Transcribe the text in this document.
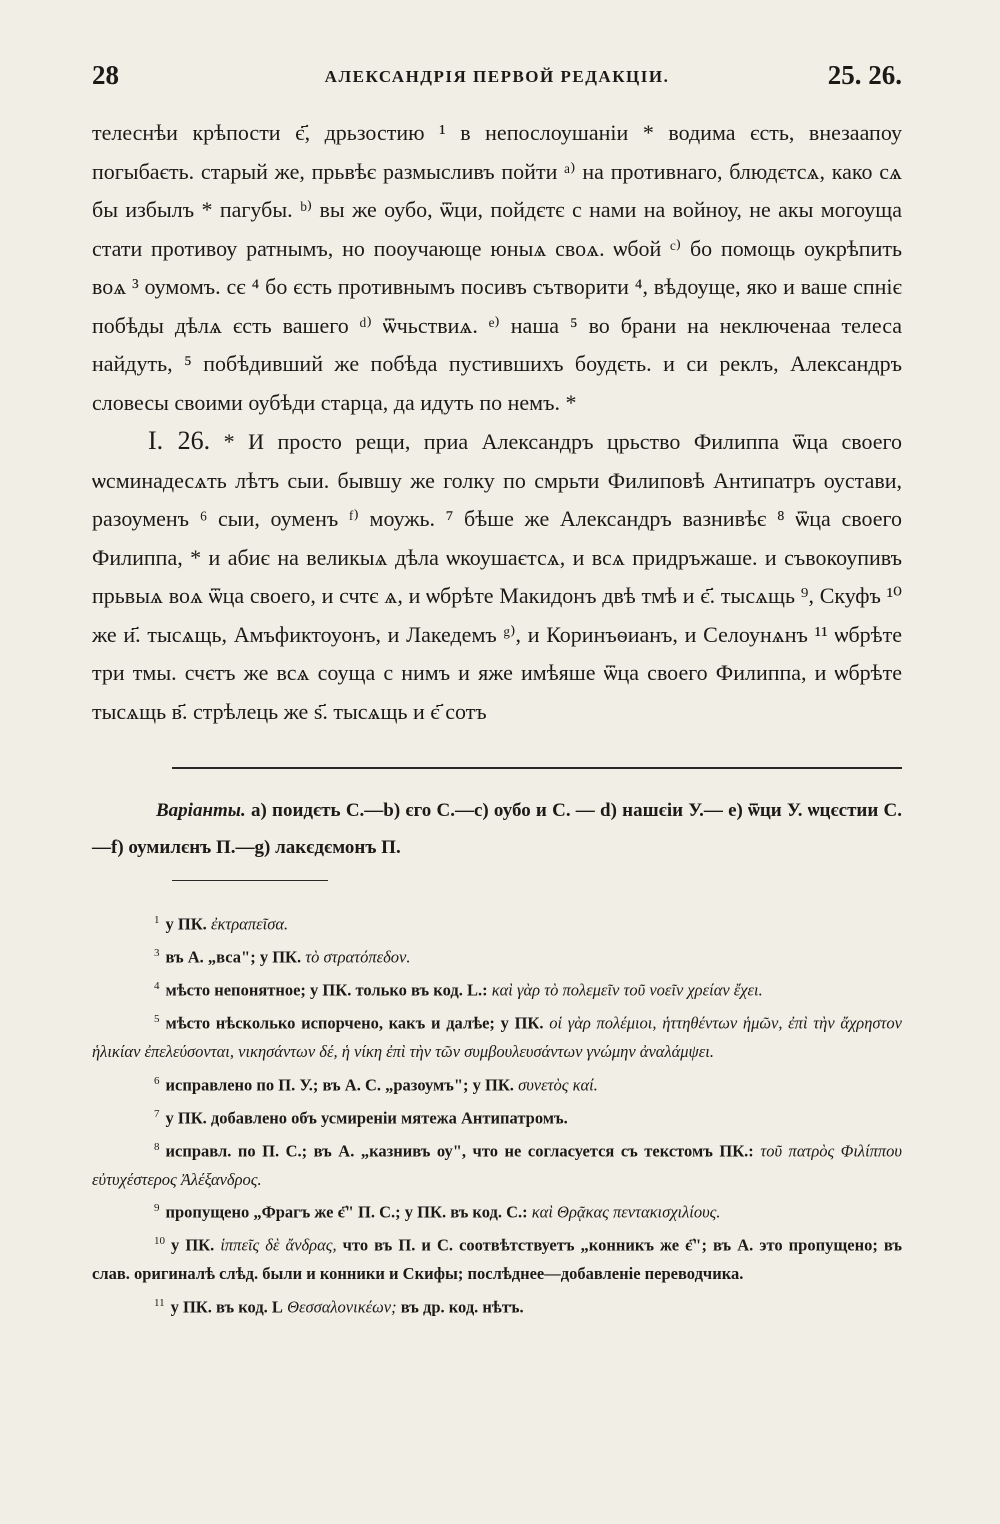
28	АЛЕКСАНДРІЯ ПЕРВОЙ РЕДАКЦІИ.	25. 26.

телеснѣи крѣпости є҃, дрьзостию ¹ в непослоушаніи * водима єсть, внезаапоу погыбаєть. старый же, прьвѣє размысливъ пойти ᵃ⁾ на противнаго, блюдєтсѧ, како сѧ бы избылъ * пагубы. ᵇ⁾ вы же оубо, ѿци, пойдєтє с нами на войноу, не акы могоуща стати противоу ратнымъ, но пооучающе юныѧ своѧ. ѡбой ᶜ⁾ бо помощь оукрѣпить воѧ ³ оумомъ. сє ⁴ бо єсть противнымъ посивъ сътворити ⁴, вѣдоуще, яко и ваше спніє побѣды дѣлѧ єсть вашего ᵈ⁾ ѿчьствиѧ. ᵉ⁾ наша ⁵ во брани на неключенаа телеса найдуть, ⁵ побѣдивший же побѣда пустившихъ боудєть. и си реклъ, Александръ словесы своими оубѣди старца, да идуть по немъ. *

І. 26. * И просто рещи, приа Александръ црьство Филиппа ѿца своего ѡсминадесѧть лѣтъ сыи. бывшу же голку по смрьти Филиповѣ Антипатръ оустави, разоуменъ ⁶ сыи, оуменъ ᶠ⁾ моужь. ⁷ бѣше же Александръ вазнивѣє ⁸ ѿца своего Филиппа, * и абиє на великыѧ дѣла ѡкоушаєтсѧ, и всѧ придръжаше. и съвокоупивъ прьвыѧ воѧ ѿца своего, и счтє ѧ, и ѡбрѣте Макидонъ двѣ тмѣ и є҃. тысѧщь ⁹, Скуфъ ¹⁰ же и҃. тысѧщь, Амъфиктоуонъ, и Лакедемъ ᵍ⁾, и Коринъѳианъ, и Селоунѧнъ ¹¹ ѡбрѣте три тмы. счєтъ же всѧ соуща с нимъ и яже имѣяше ѿца своего Филиппа, и ѡбрѣте тысѧщь в҃. стрѣлець же ѕ҃. тысѧщь и є҃ сотъ

Варіанты. a) поидєть С.—b) єго С.—c) оубо и С. — d) нашєіи У.— e) ѿци У. ѡцєстии С.—f) оумилєнъ П.—g) лакєдємонъ П.

$^1$ у ПК. ἐκτραπεῖσα.

$^3$ въ А. „вса"; у ПК. τὸ στρατόπεδον.

$^4$ мѣсто непонятное; у ПК. только въ код. L.: καὶ γὰρ τὸ πολεμεῖν τοῦ νοεῖν χρείαν ἔχει.

$^5$ мѣсто нѣсколько испорчено, какъ и далѣе; у ПК. οἱ γὰρ πολέμιοι, ἡττηθέντων ἡμῶν, ἐπὶ τὴν ἄχρηστον ἡλικίαν ἐπελεύσονται, νικησάντων δέ, ἡ νίκη ἐπὶ τὴν τῶν συμβουλευσάντων γνώμην ἀναλάμψει.

$^6$ исправлено по П. У.; въ А. С. „разоумъ"; у ПК. συνετὸς καί.

$^7$ у ПК. добавлено объ усмиреніи мятежа Антипатромъ.

$^8$ исправл. по П. С.; въ А. „казнивъ оу", что не согласуется съ текстомъ ПК.: τοῦ πατρὸς Φιλίππου εὐτυχέστερος Ἀλέξανδρος.

$^9$ пропущено „Фрагъ же є҃" П. С.; у ПК. въ код. С.: καὶ Θρᾷκας πεντακισχιλίους.

$^{10}$ у ПК. ἱππεῖς δὲ ἄνδρας, что въ П. и С. соотвѣтствуетъ „конникъ же є҃"; въ А. это пропущено; въ слав. оригиналѣ слѣд. были и конники и Скифы; послѣднее—добавленіе переводчика.

$^{11}$ у ПК. въ код. L Θεσσαλονικέων; въ др. код. нѣтъ.
